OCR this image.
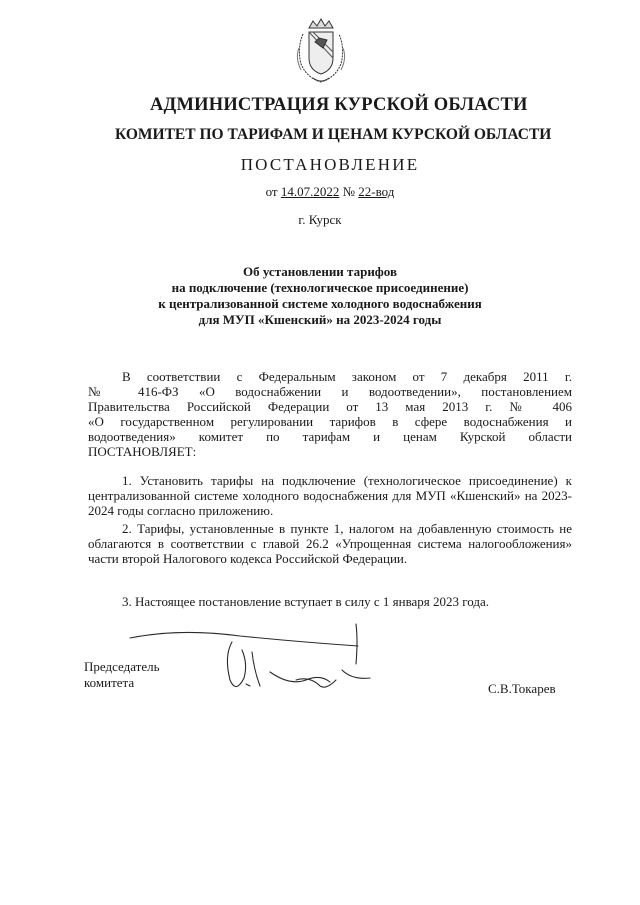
АДМИНИСТРАЦИЯ КУРСКОЙ ОБЛАСТИ
КОМИТЕТ ПО ТАРИФАМ И ЦЕНАМ КУРСКОЙ ОБЛАСТИ
ПОСТАНОВЛЕНИЕ
от 14.07.2022 № 22-вод
г. Курск
Об установлении тарифов
на подключение (технологическое присоединение)
к централизованной системе холодного водоснабжения
для МУП «Кшенский» на 2023-2024 годы
В соответствии с Федеральным законом от 7 декабря 2011 г.
№ 416-ФЗ «О водоснабжении и водоотведении», постановлением
Правительства Российской Федерации от 13 мая 2013 г. № 406
«О государственном регулировании тарифов в сфере водоснабжения и
водоотведения» комитет по тарифам и ценам Курской области
ПОСТАНОВЛЯЕТ:
1. Установить тарифы на подключение (технологическое присоединение) к централизованной системе холодного водоснабжения для МУП «Кшенский» на 2023-2024 годы согласно приложению.
2. Тарифы, установленные в пункте 1, налогом на добавленную стоимость не облагаются в соответствии с главой 26.2 «Упрощенная система налогообложения» части второй Налогового кодекса Российской Федерации.
3. Настоящее постановление вступает в силу с 1 января 2023 года.
Председатель
комитета	С.В.Токарев
